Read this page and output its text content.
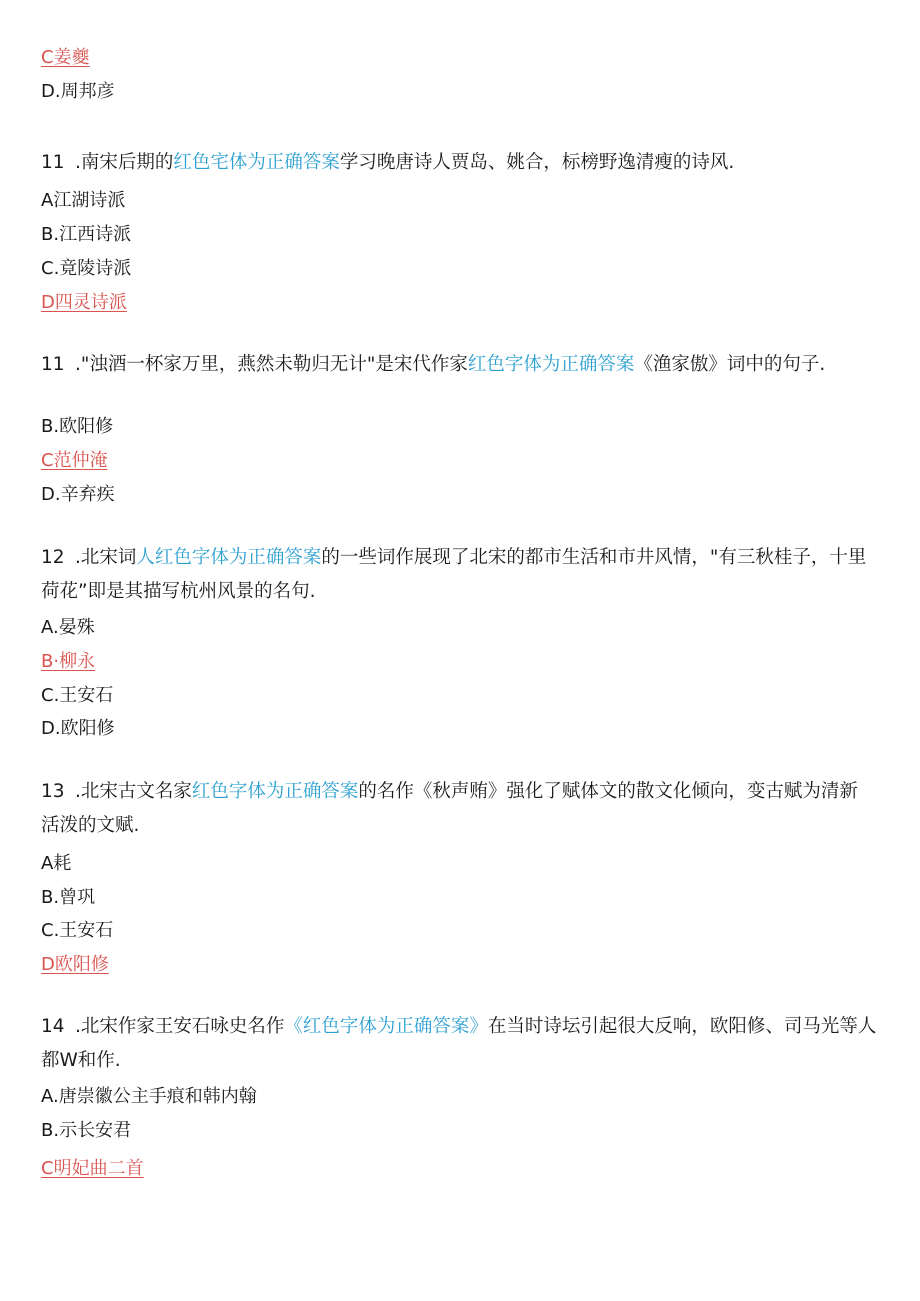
C姜夔
D.周邦彦
11 .南宋后期的红色宅体为正确答案学习晚唐诗人贾岛、姚合，标榜野逸清瘦的诗风.
A江湖诗派
B.江西诗派
C.竟陵诗派
D四灵诗派
11 ."浊酒一杯家万里，燕然未勒归无计"是宋代作家红色字体为正确答案《渔家傲》词中的句子.
B.欧阳修
C范仲淹
D.辛弃疾
12 .北宋词人红色字体为正确答案的一些词作展现了北宋的都市生活和市井风情，"有三秋桂子，十里
荷花”即是其描写杭州风景的名句.
A.晏殊
B·柳永
C.王安石
D.欧阳修
13 .北宋古文名家红色字体为正确答案的名作《秋声贿》强化了赋体文的散文化倾向，变古赋为清新
活泼的文赋.
A耗
B.曾巩
C.王安石
D欧阳修
14 .北宋作家王安石咏史名作《红色字体为正确答案》在当时诗坛引起很大反响，欧阳修、司马光等人
都W和作.
A.唐崇徽公主手痕和韩内翰
B.示长安君
C明妃曲二首
